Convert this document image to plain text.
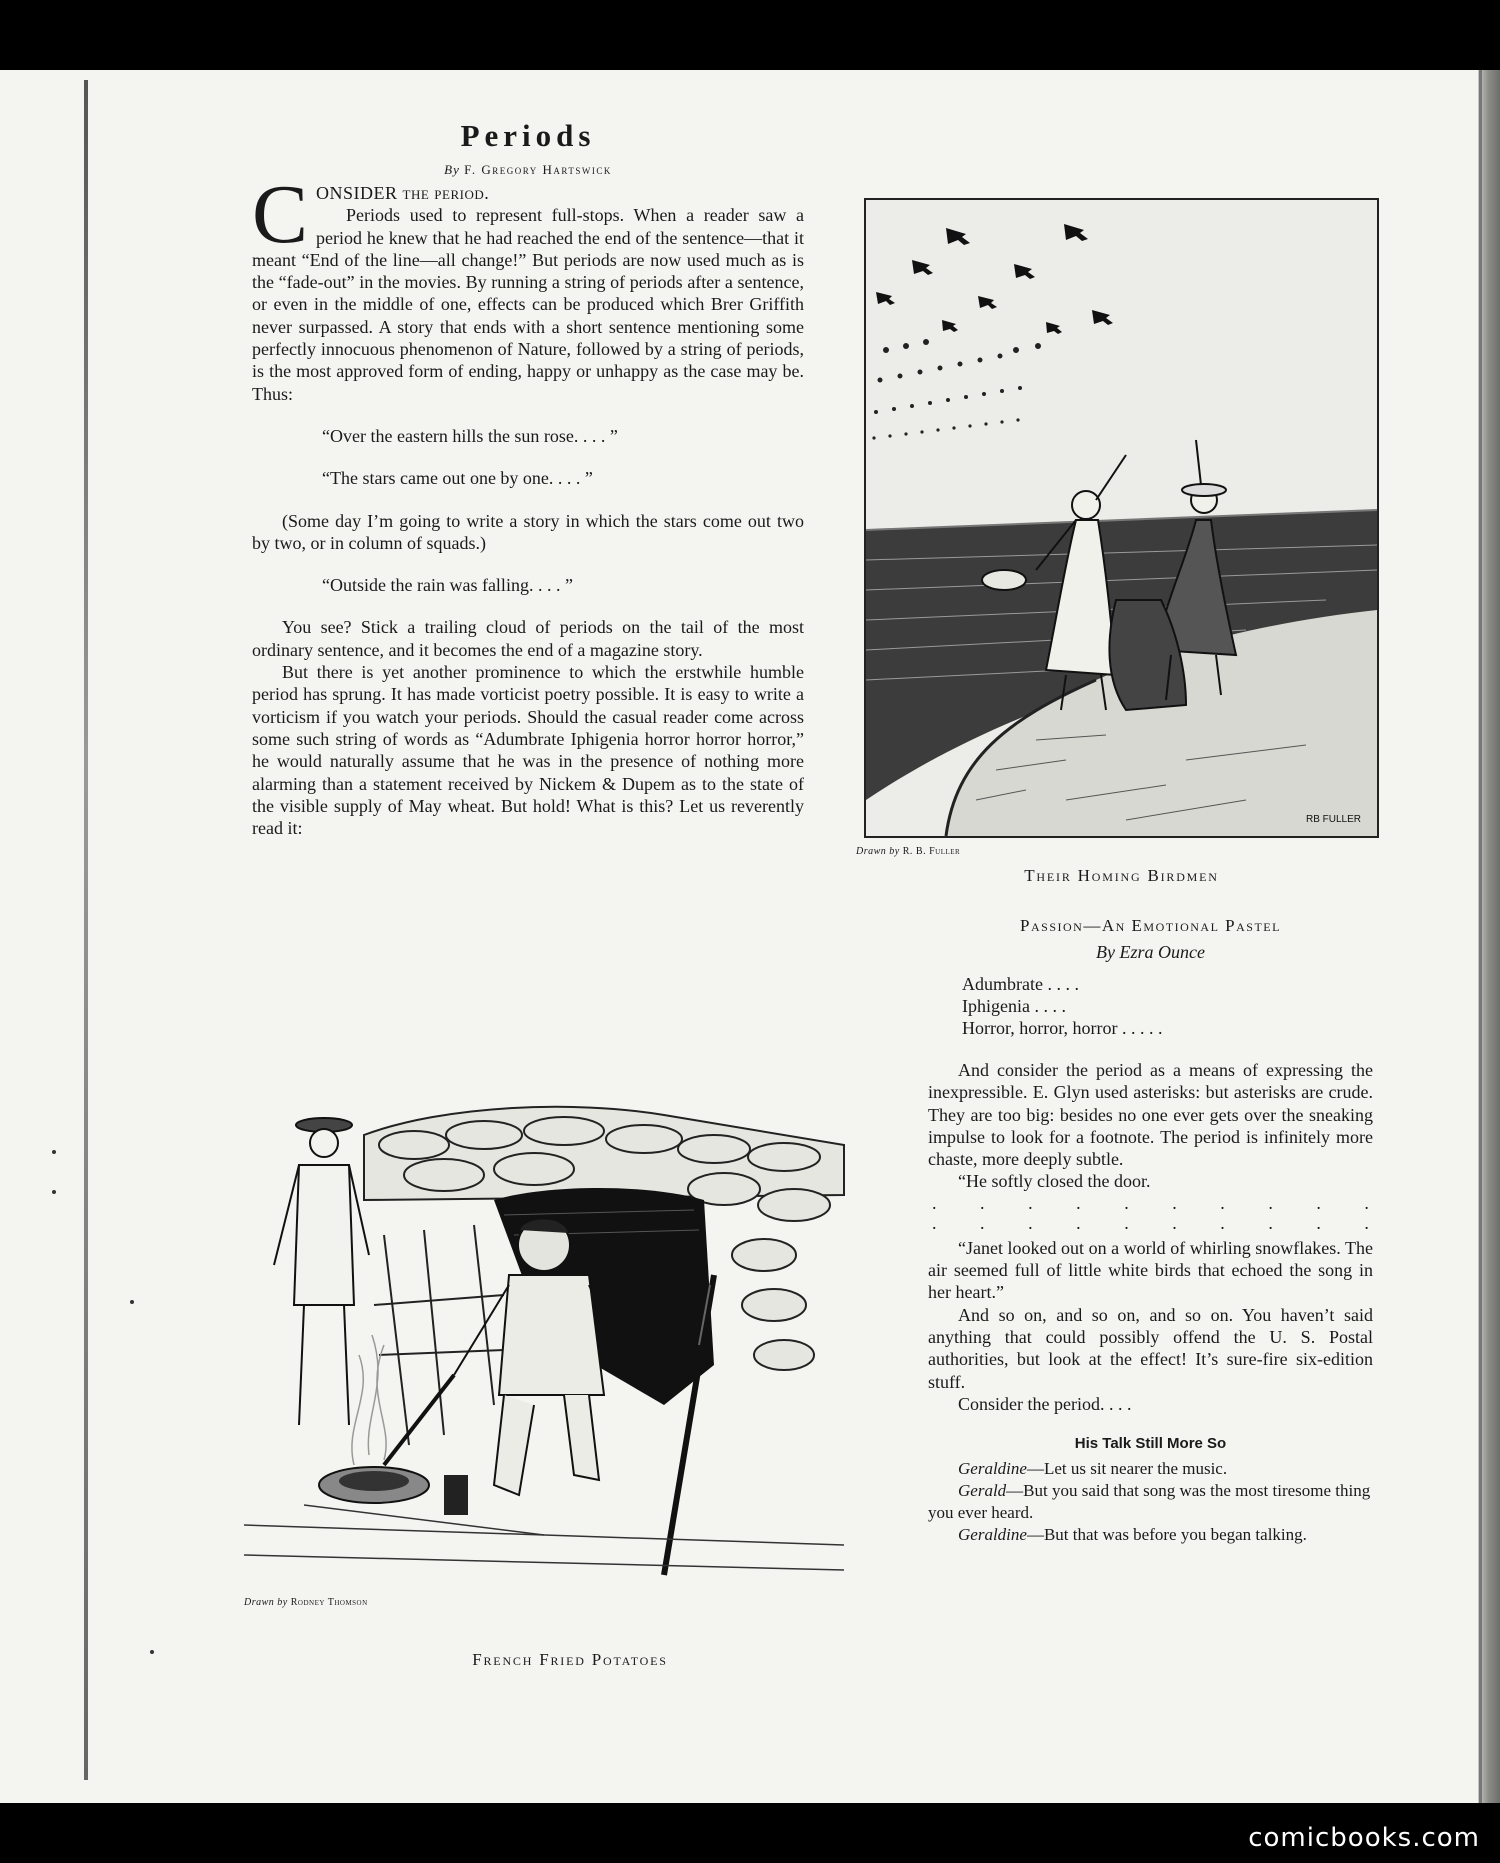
Periods
By F. Gregory Hartswick
C ONSIDER the period.
Periods used to represent full-stops. When a reader saw a period he knew that he had reached the end of the sentence—that it meant “End of the line—all change!” But periods are now used much as is the “fade-out” in the movies. By running a string of periods after a sentence, or even in the middle of one, effects can be produced which Brer Griffith never surpassed. A story that ends with a short sentence mentioning some perfectly innocuous phenomenon of Nature, followed by a string of periods, is the most approved form of ending, happy or unhappy as the case may be. Thus:
“Over the eastern hills the sun rose. . . . ”
“The stars came out one by one. . . . ”
(Some day I’m going to write a story in which the stars come out two by two, or in column of squads.)
“Outside the rain was falling. . . . ”
You see? Stick a trailing cloud of periods on the tail of the most ordinary sentence, and it becomes the end of a magazine story.
But there is yet another prominence to which the erstwhile humble period has sprung. It has made vorticist poetry possible. It is easy to write a vorticism if you watch your periods. Should the casual reader come across some such string of words as “Adumbrate Iphigenia horror horror horror,” he would naturally assume that he was in the presence of nothing more alarming than a statement received by Nickem & Dupem as to the state of the visible supply of May wheat. But hold! What is this? Let us reverently read it:	RB FULLER
Drawn by R. B. Fuller
Their Homing Birdmen
Passion—An Emotional Pastel
By Ezra Ounce
Adumbrate . . . .
Iphigenia . . . .
Horror, horror, horror . . . . .
And consider the period as a means of expressing the inexpressible. E. Glyn used asterisks: but asterisks are crude. They are too big: besides no one ever gets over the sneaking impulse to look for a footnote. The period is infinitely more chaste, more deeply subtle.
“He softly closed the door.
. . . . . . . . . .
. . . . . . . . . .
“Janet looked out on a world of whirling snowflakes. The air seemed full of little white birds that echoed the song in her heart.”
And so on, and so on, and so on. You haven’t said anything that could possibly offend the U. S. Postal authorities, but look at the effect! It’s sure-fire six-edition stuff.
Consider the period. . . .
His Talk Still More So
Geraldine—Let us sit nearer the music.
Gerald—But you said that song was the most tiresome thing you ever heard.
Geraldine—But that was before you began talking.
Drawn by Rodney Thomson
French Fried Potatoes
comicbooks.com
